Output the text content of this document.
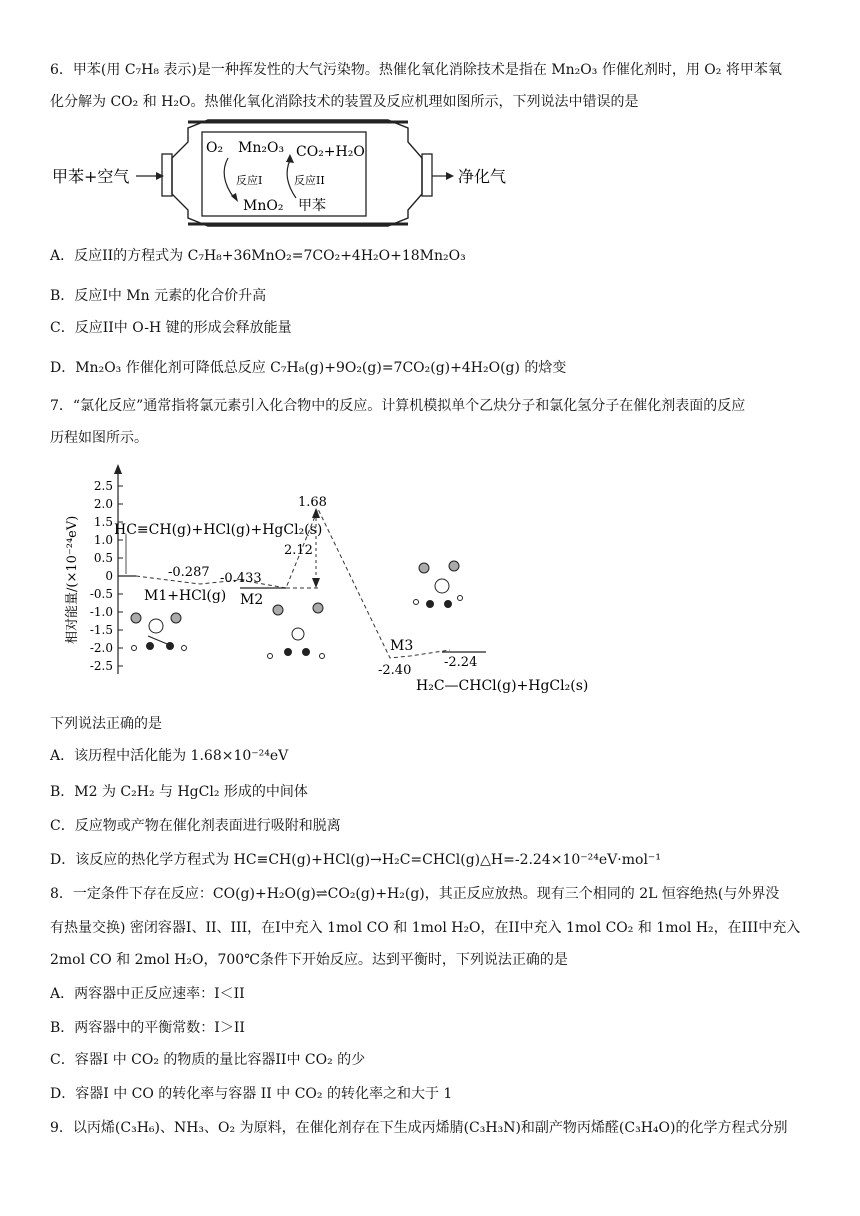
6．甲苯(用 C₇H₈ 表示)是一种挥发性的大气污染物。热催化氧化消除技术是指在 Mn₂O₃ 作催化剂时，用 O₂ 将甲苯氧
化分解为 CO₂ 和 H₂O。热催化氧化消除技术的装置及反应机理如图所示，下列说法中错误的是
甲苯+空气	净化气
O₂ Mn₂O₃ CO₂+H₂O
MnO₂ 甲苯
反应I	反应II
A．反应II的方程式为 C₇H₈+36MnO₂=7CO₂+4H₂O+18Mn₂O₃
B．反应I中 Mn 元素的化合价升高
C．反应II中 O-H 键的形成会释放能量
D．Mn₂O₃ 作催化剂可降低总反应 C₇H₈(g)+9O₂(g)=7CO₂(g)+4H₂O(g) 的焓变
7．“氯化反应”通常指将氯元素引入化合物中的反应。计算机模拟单个乙炔分子和氯化氢分子在催化剂表面的反应
历程如图所示。
相对能量/(×10⁻²⁴eV)
2.5
2.0
1.5
1.0
0.5
0
-0.5
-1.0
-1.5
-2.0
-2.5
HC≡CH(g)+HCl(g)+HgCl₂(s)
-0.287 -0.433
1.68
2.12
M1+HCl(g) M2
M3
-2.40
-2.24
H₂C—CHCl(g)+HgCl₂(s)
下列说法正确的是
A．该历程中活化能为 1.68×10⁻²⁴eV
B．M2 为 C₂H₂ 与 HgCl₂ 形成的中间体
C．反应物或产物在催化剂表面进行吸附和脱离
D．该反应的热化学方程式为 HC≡CH(g)+HCl(g)→H₂C=CHCl(g)△H=-2.24×10⁻²⁴eV·mol⁻¹
8．一定条件下存在反应：CO(g)+H₂O(g)⇌CO₂(g)+H₂(g)，其正反应放热。现有三个相同的 2L 恒容绝热(与外界没
有热量交换) 密闭容器I、II、III，在I中充入 1mol CO 和 1mol H₂O，在II中充入 1mol CO₂ 和 1mol H₂，在III中充入
2mol CO 和 2mol H₂O，700℃条件下开始反应。达到平衡时，下列说法正确的是
A．两容器中正反应速率：I＜II
B．两容器中的平衡常数：I＞II
C．容器I 中 CO₂ 的物质的量比容器II中 CO₂ 的少
D．容器I 中 CO 的转化率与容器 II 中 CO₂ 的转化率之和大于 1
9．以丙烯(C₃H₆)、NH₃、O₂ 为原料，在催化剂存在下生成丙烯腈(C₃H₃N)和副产物丙烯醛(C₃H₄O)的化学方程式分别
